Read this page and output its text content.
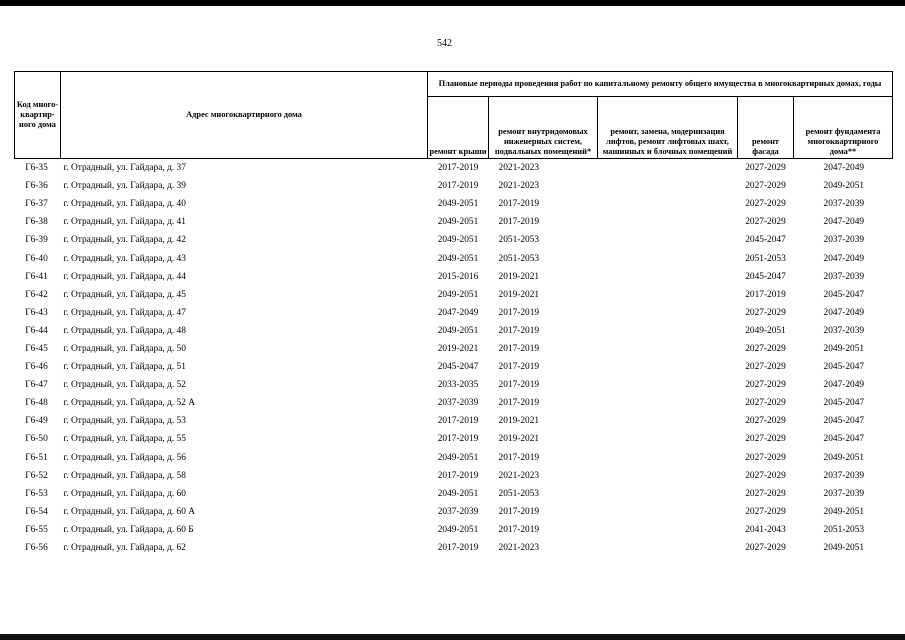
542
Код много-квартир-ного дома	Адрес многоквартирного дома	Плановые периоды проведения работ по капитальному ремонту общего имущества в многоквартирных домах, годы				
		ремонт крыши	ремонт внутридомовых инженерных систем, подвальных помещений*	ремонт, замена, модернизация лифтов, ремонт лифтовых шахт, машинных и блочных помещений	ремонт фасада	ремонт фундамента многоквартирного дома**
Г6-35	г. Отрадный, ул. Гайдара, д. 37	2017-2019	2021-2023		2027-2029	2047-2049
Г6-36	г. Отрадный, ул. Гайдара, д. 39	2017-2019	2021-2023		2027-2029	2049-2051
Г6-37	г. Отрадный, ул. Гайдара, д. 40	2049-2051	2017-2019		2027-2029	2037-2039
Г6-38	г. Отрадный, ул. Гайдара, д. 41	2049-2051	2017-2019		2027-2029	2047-2049
Г6-39	г. Отрадный, ул. Гайдара, д. 42	2049-2051	2051-2053		2045-2047	2037-2039
Г6-40	г. Отрадный, ул. Гайдара, д. 43	2049-2051	2051-2053		2051-2053	2047-2049
Г6-41	г. Отрадный, ул. Гайдара, д. 44	2015-2016	2019-2021		2045-2047	2037-2039
Г6-42	г. Отрадный, ул. Гайдара, д. 45	2049-2051	2019-2021		2017-2019	2045-2047
Г6-43	г. Отрадный, ул. Гайдара, д. 47	2047-2049	2017-2019		2027-2029	2047-2049
Г6-44	г. Отрадный, ул. Гайдара, д. 48	2049-2051	2017-2019		2049-2051	2037-2039
Г6-45	г. Отрадный, ул. Гайдара, д. 50	2019-2021	2017-2019		2027-2029	2049-2051
Г6-46	г. Отрадный, ул. Гайдара, д. 51	2045-2047	2017-2019		2027-2029	2045-2047
Г6-47	г. Отрадный, ул. Гайдара, д. 52	2033-2035	2017-2019		2027-2029	2047-2049
Г6-48	г. Отрадный, ул. Гайдара, д. 52 А	2037-2039	2017-2019		2027-2029	2045-2047
Г6-49	г. Отрадный, ул. Гайдара, д. 53	2017-2019	2019-2021		2027-2029	2045-2047
Г6-50	г. Отрадный, ул. Гайдара, д. 55	2017-2019	2019-2021		2027-2029	2045-2047
Г6-51	г. Отрадный, ул. Гайдара, д. 56	2049-2051	2017-2019		2027-2029	2049-2051
Г6-52	г. Отрадный, ул. Гайдара, д. 58	2017-2019	2021-2023		2027-2029	2037-2039
Г6-53	г. Отрадный, ул. Гайдара, д. 60	2049-2051	2051-2053		2027-2029	2037-2039
Г6-54	г. Отрадный, ул. Гайдара, д. 60 А	2037-2039	2017-2019		2027-2029	2049-2051
Г6-55	г. Отрадный, ул. Гайдара, д. 60 Б	2049-2051	2017-2019		2041-2043	2051-2053
Г6-56	г. Отрадный, ул. Гайдара, д. 62	2017-2019	2021-2023		2027-2029	2049-2051
